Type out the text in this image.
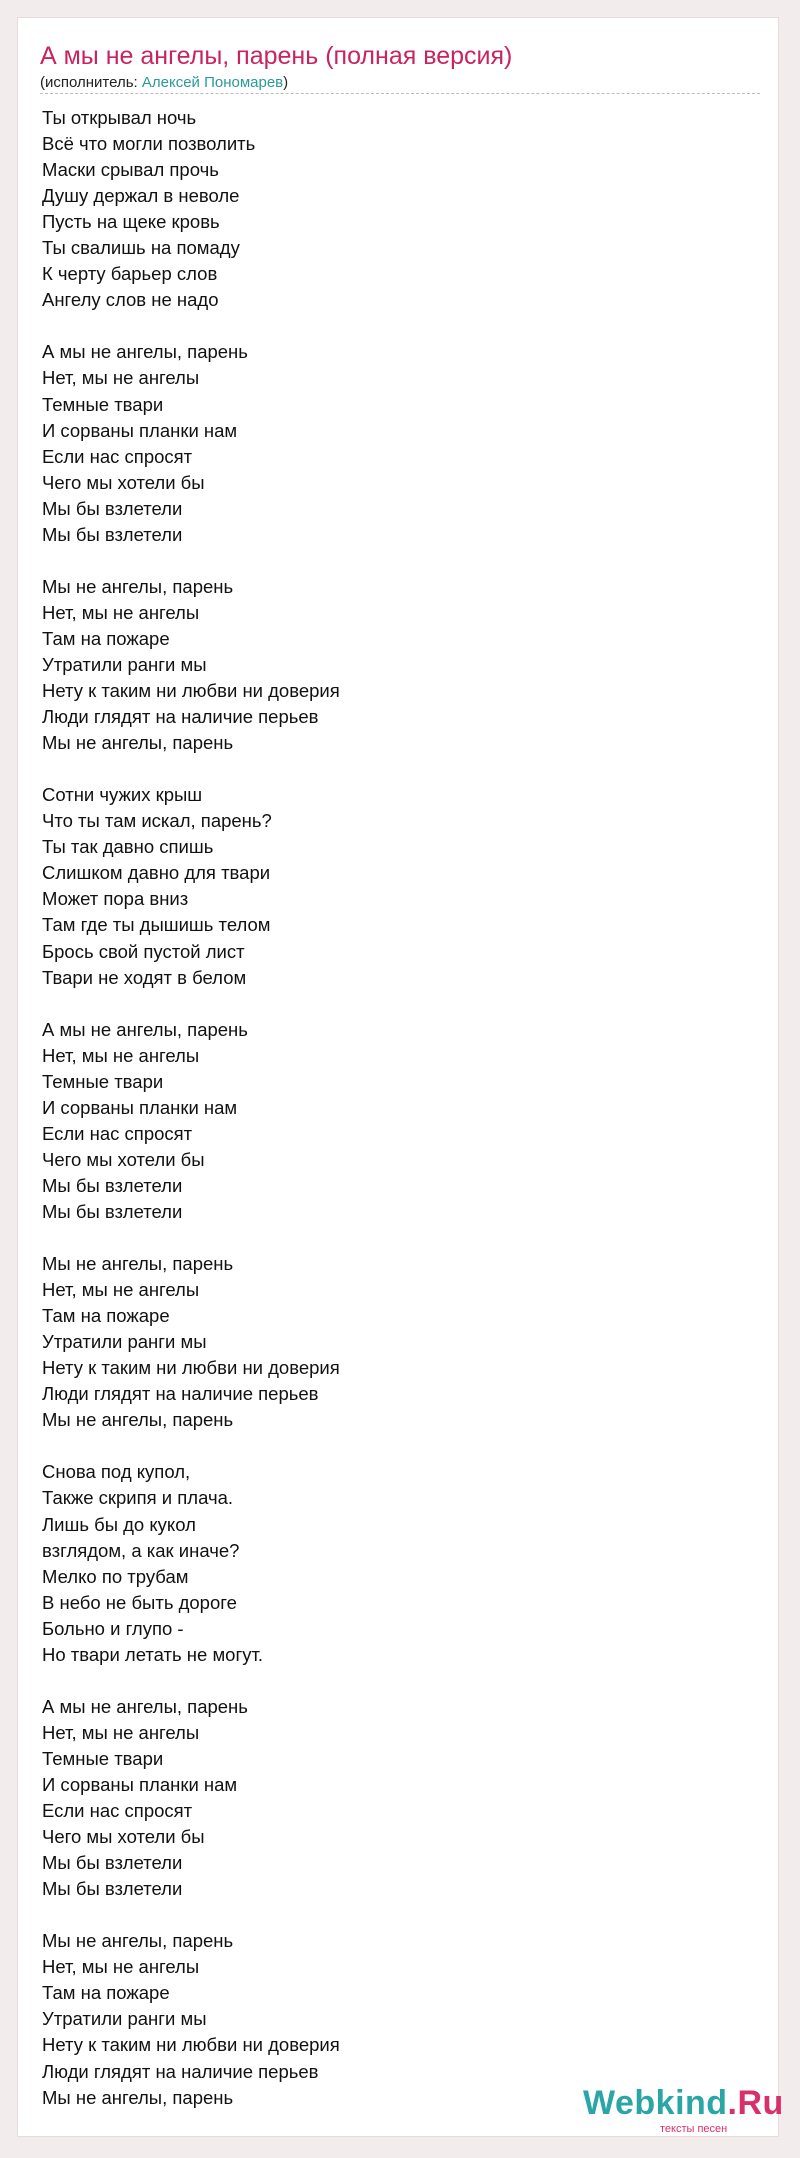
А мы не ангелы, парень (полная версия)
(исполнитель: Алексей Пономарев)
Ты открывал ночь
Всё что могли позволить
Маски срывал прочь
Душу держал в неволе
Пусть на щеке кровь
Ты свалишь на помаду
К черту барьер слов
Ангелу слов не надо
А мы не ангелы, парень
Нет, мы не ангелы
Темные твари
И сорваны планки нам
Если нас спросят
Чего мы хотели бы
Мы бы взлетели
Мы бы взлетели
Мы не ангелы, парень
Нет, мы не ангелы
Там на пожаре
Утратили ранги мы
Нету к таким ни любви ни доверия
Люди глядят на наличие перьев
Мы не ангелы, парень
Сотни чужих крыш
Что ты там искал, парень?
Ты так давно спишь
Слишком давно для твари
Может пора вниз
Там где ты дышишь телом
Брось свой пустой лист
Твари не ходят в белом
А мы не ангелы, парень
Нет, мы не ангелы
Темные твари
И сорваны планки нам
Если нас спросят
Чего мы хотели бы
Мы бы взлетели
Мы бы взлетели
Мы не ангелы, парень
Нет, мы не ангелы
Там на пожаре
Утратили ранги мы
Нету к таким ни любви ни доверия
Люди глядят на наличие перьев
Мы не ангелы, парень
Снова под купол,
Также скрипя и плача.
Лишь бы до кукол
взглядом, а как иначе?
Мелко по трубам
В небо не быть дороге
Больно и глупо -
Но твари летать не могут.
А мы не ангелы, парень
Нет, мы не ангелы
Темные твари
И сорваны планки нам
Если нас спросят
Чего мы хотели бы
Мы бы взлетели
Мы бы взлетели
Мы не ангелы, парень
Нет, мы не ангелы
Там на пожаре
Утратили ранги мы
Нету к таким ни любви ни доверия
Люди глядят на наличие перьев
Мы не ангелы, парень	Webkind.Ru
тексты песен
